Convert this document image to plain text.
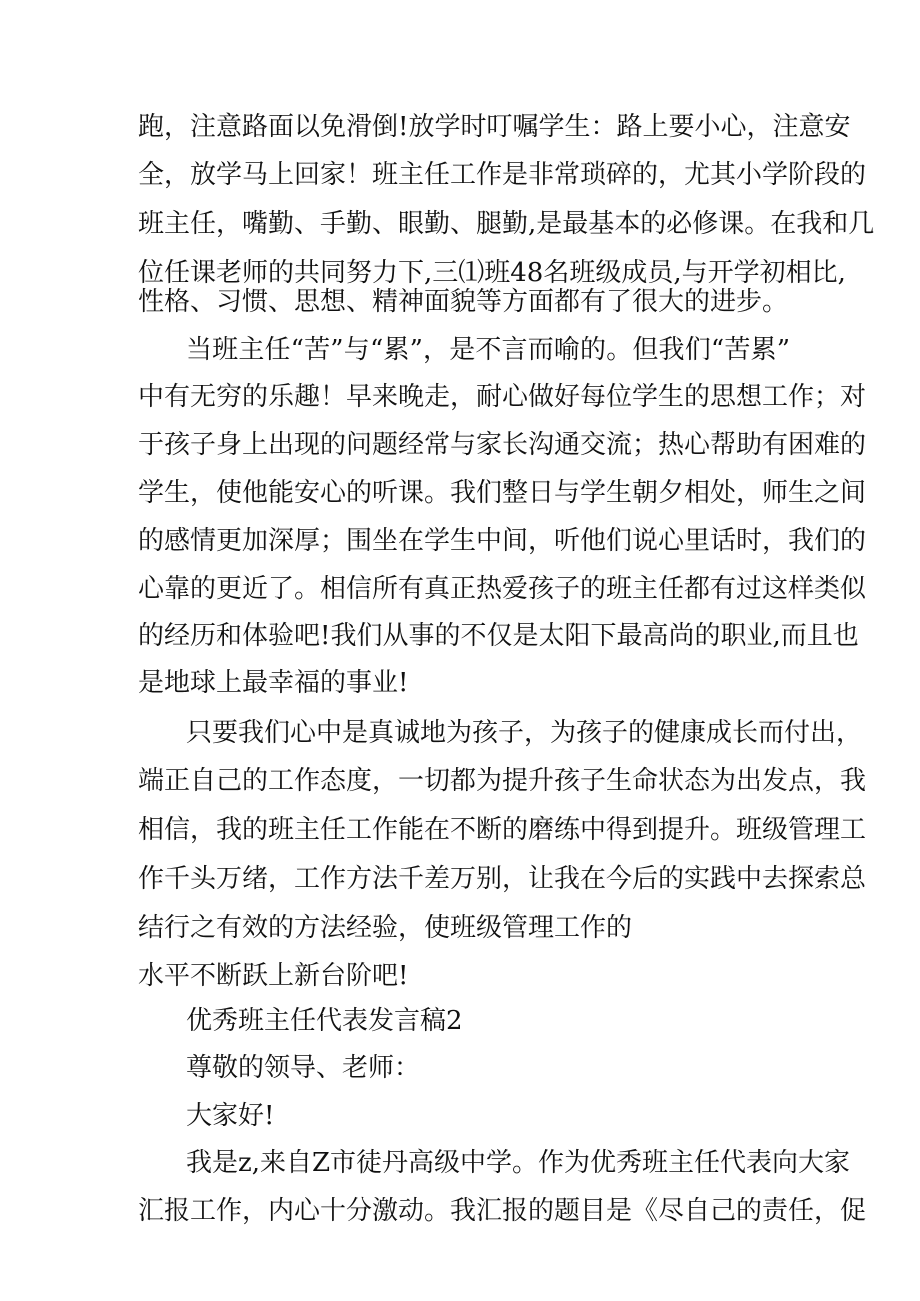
跑，注意路面以免滑倒!放学时叮嘱学生：路上要小心，注意安
全，放学马上回家！班主任工作是非常琐碎的，尤其小学阶段的
班主任，嘴勤、手勤、眼勤、腿勤,是最基本的必修课。在我和几
位任课老师的共同努力下,三⑴班48名班级成员,与开学初相比,
性格、习惯、思想、精神面貌等方面都有了很大的进步。
当班主任“苦”与“累”，是不言而喻的。但我们“苦累”
中有无穷的乐趣！早来晚走，耐心做好每位学生的思想工作；对
于孩子身上出现的问题经常与家长沟通交流；热心帮助有困难的
学生，使他能安心的听课。我们整日与学生朝夕相处，师生之间
的感情更加深厚；围坐在学生中间，听他们说心里话时，我们的
心靠的更近了。相信所有真正热爱孩子的班主任都有过这样类似
的经历和体验吧!我们从事的不仅是太阳下最高尚的职业,而且也
是地球上最幸福的事业!
只要我们心中是真诚地为孩子，为孩子的健康成长而付出，
端正自己的工作态度，一切都为提升孩子生命状态为出发点，我
相信，我的班主任工作能在不断的磨练中得到提升。班级管理工
作千头万绪，工作方法千差万别，让我在今后的实践中去探索总
结行之有效的方法经验，使班级管理工作的
水平不断跃上新台阶吧!
优秀班主任代表发言稿2
尊敬的领导、老师：
大家好!
我是z,来自Z市徒丹高级中学。作为优秀班主任代表向大家
汇报工作，内心十分激动。我汇报的题目是《尽自己的责任，促
